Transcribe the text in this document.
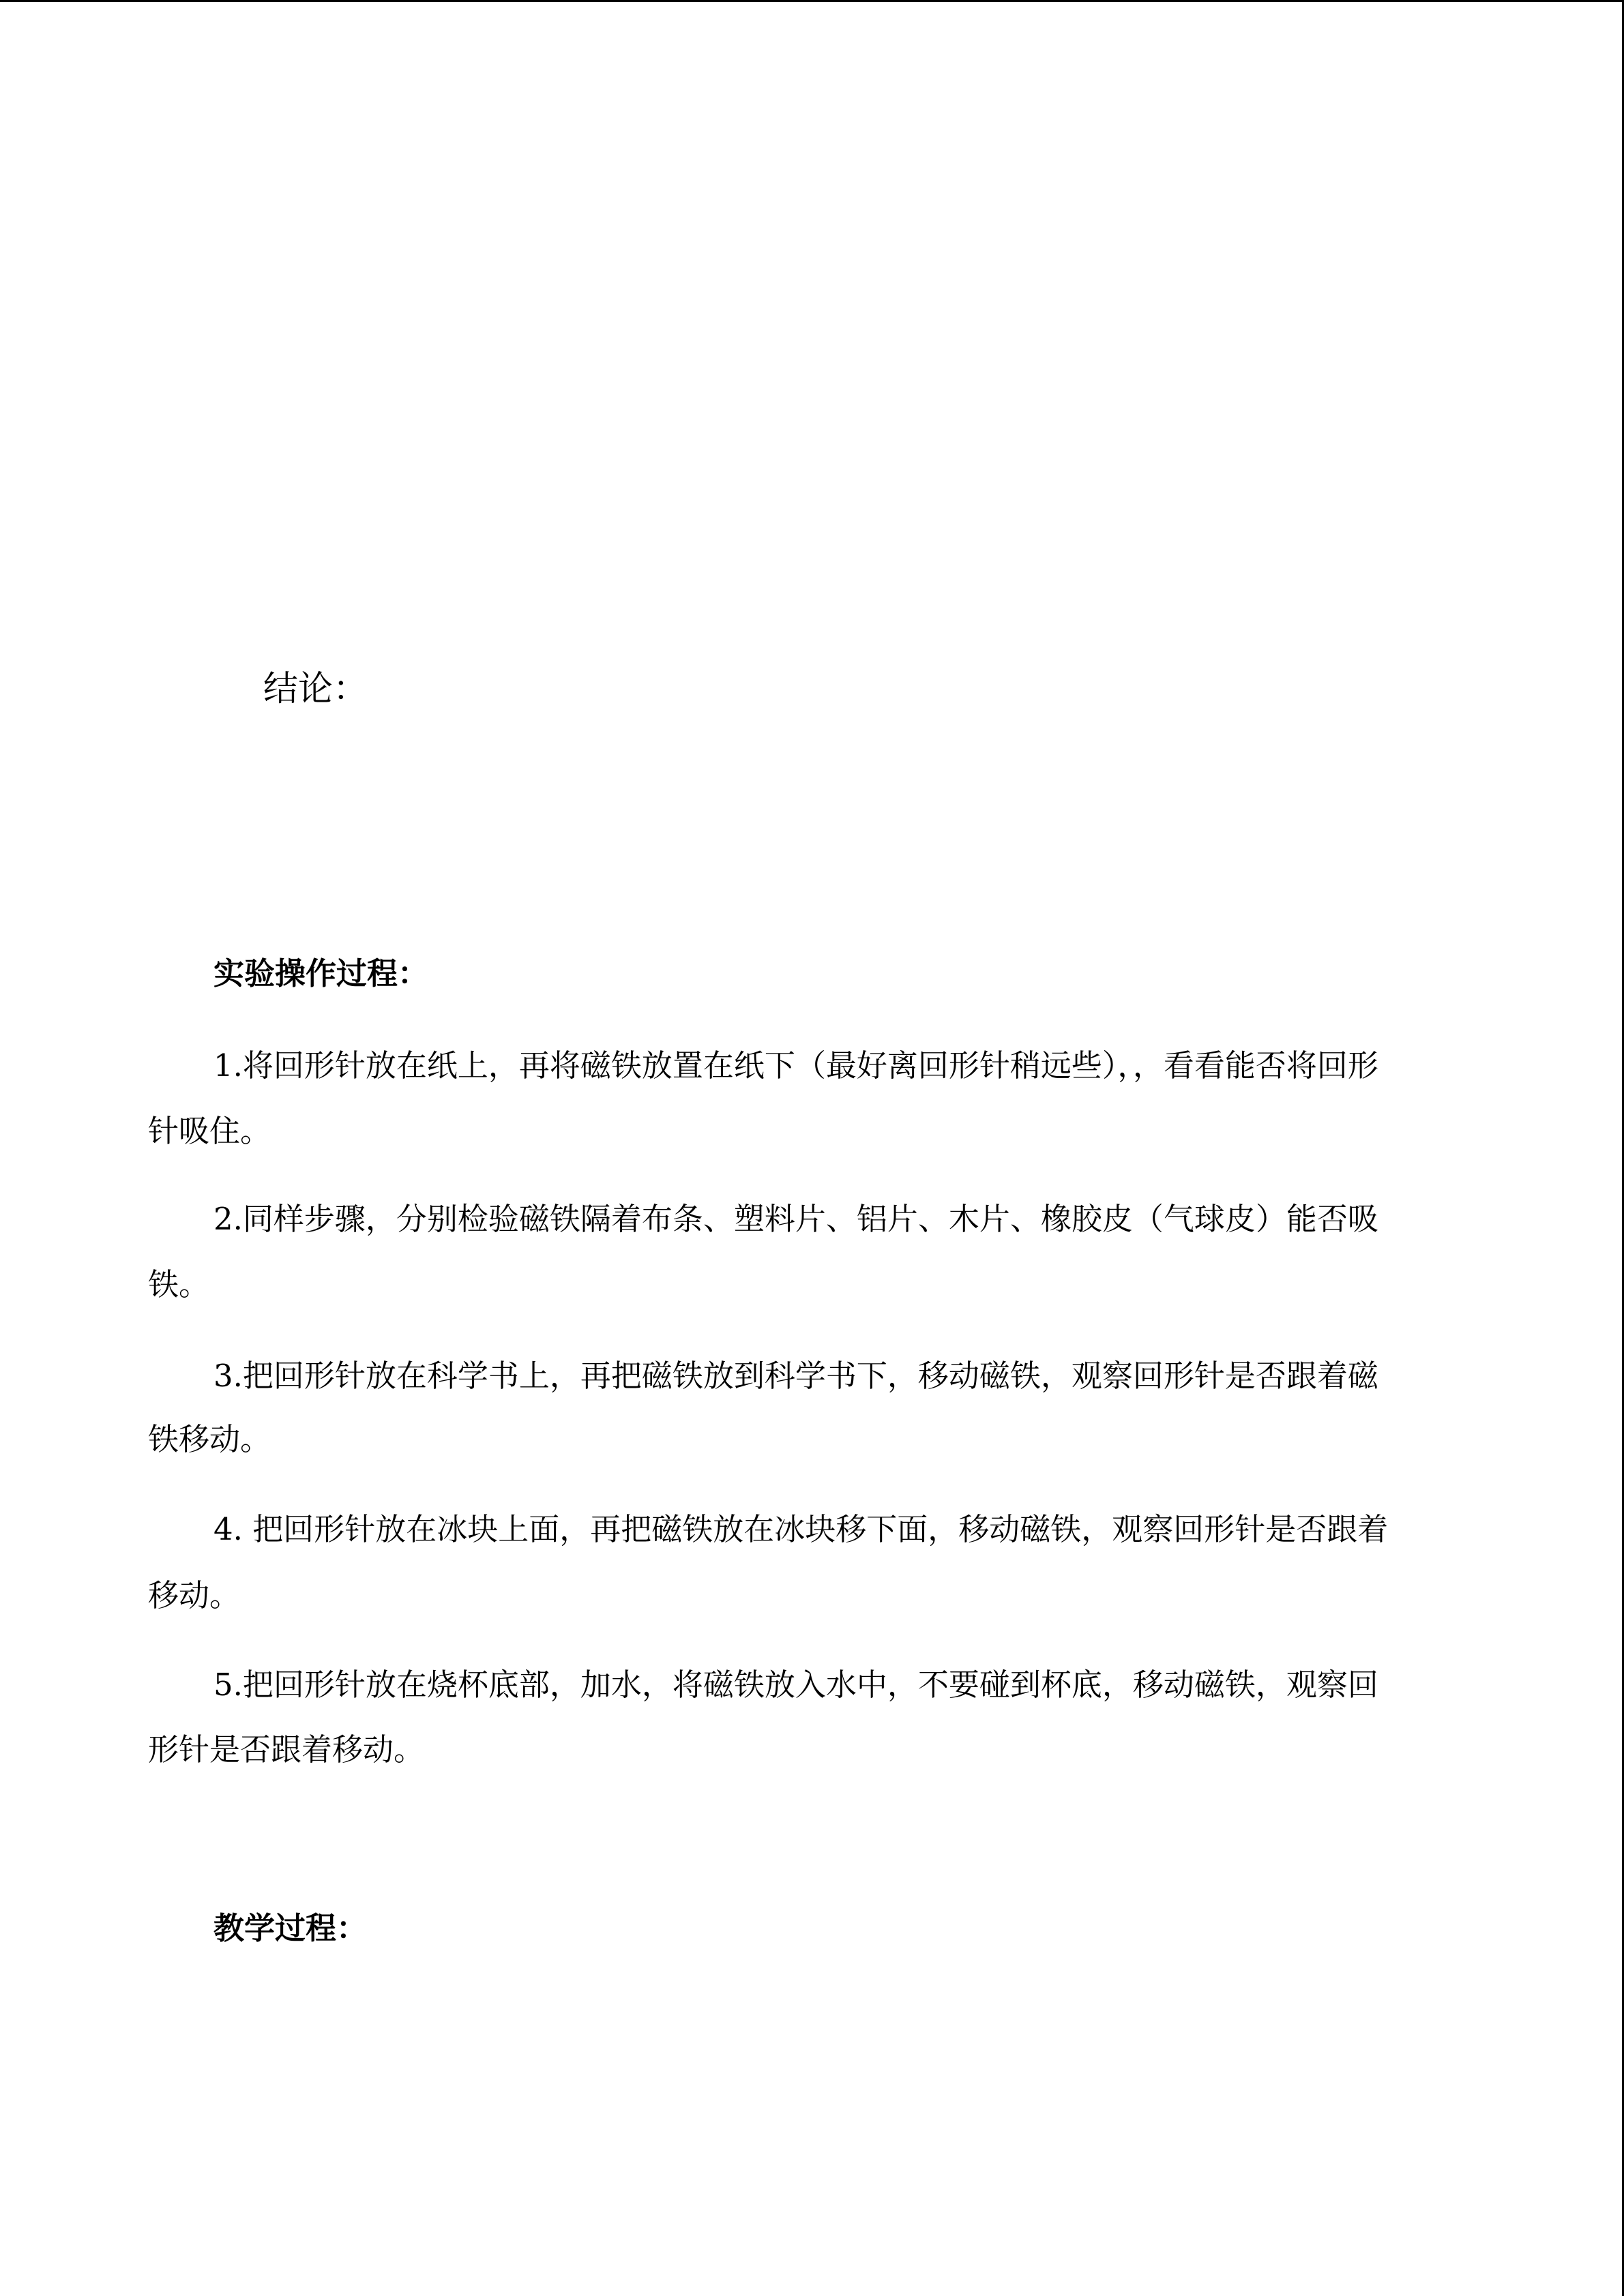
结论：
实验操作过程：
1.将回形针放在纸上，再将磁铁放置在纸下（最好离回形针稍远些），，看看能否将回形
针吸住。
2.同样步骤，分别检验磁铁隔着布条、塑料片、铝片、木片、橡胶皮（气球皮）能否吸
铁。
3.把回形针放在科学书上，再把磁铁放到科学书下，移动磁铁，观察回形针是否跟着磁
铁移动。
4. 把回形针放在冰块上面，再把磁铁放在冰块移下面，移动磁铁，观察回形针是否跟着
移动。
5.把回形针放在烧杯底部，加水，将磁铁放入水中，不要碰到杯底，移动磁铁，观察回
形针是否跟着移动。
教学过程：
